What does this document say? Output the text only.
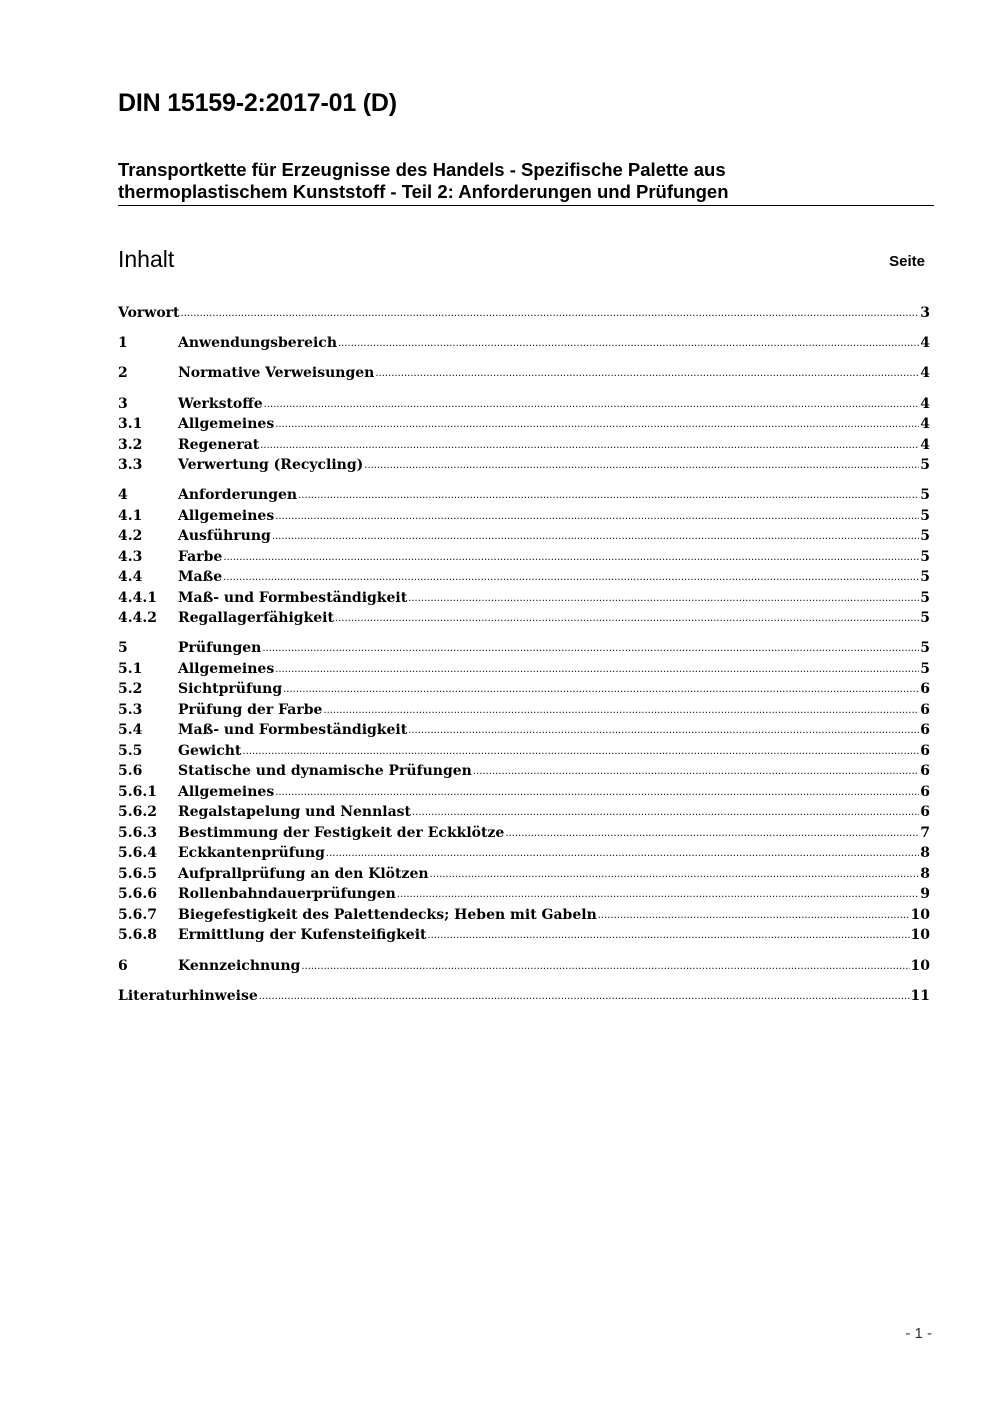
DIN 15159-2:2017-01 (D)
Transportkette für Erzeugnisse des Handels - Spezifische Palette aus
thermoplastischem Kunststoff - Teil 2: Anforderungen und Prüfungen
Inhalt	Seite
Vorwort .....	3
1	Anwendungsbereich .....	4
2	Normative Verweisungen .....	4
3	Werkstoffe .....	4
3.1	Allgemeines .....	4
3.2	Regenerat .....	4
3.3	Verwertung (Recycling) .....	5
4	Anforderungen .....	5
4.1	Allgemeines .....	5
4.2	Ausführung .....	5
4.3	Farbe .....	5
4.4	Maße .....	5
4.4.1	Maß- und Formbeständigkeit .....	5
4.4.2	Regallagerfähigkeit .....	5
5	Prüfungen .....	5
5.1	Allgemeines .....	5
5.2	Sichtprüfung .....	6
5.3	Prüfung der Farbe .....	6
5.4	Maß- und Formbeständigkeit .....	6
5.5	Gewicht .....	6
5.6	Statische und dynamische Prüfungen .....	6
5.6.1	Allgemeines .....	6
5.6.2	Regalstapelung und Nennlast .....	6
5.6.3	Bestimmung der Festigkeit der Eckklötze .....	7
5.6.4	Eckkantenprüfung .....	8
5.6.5	Aufprallprüfung an den Klötzen .....	8
5.6.6	Rollenbahndauerprüfungen .....	9
5.6.7	Biegefestigkeit des Palettendecks; Heben mit Gabeln .....	10
5.6.8	Ermittlung der Kufensteifigkeit .....	10
6	Kennzeichnung .....	10
Literaturhinweise .....	11
- 1 -
